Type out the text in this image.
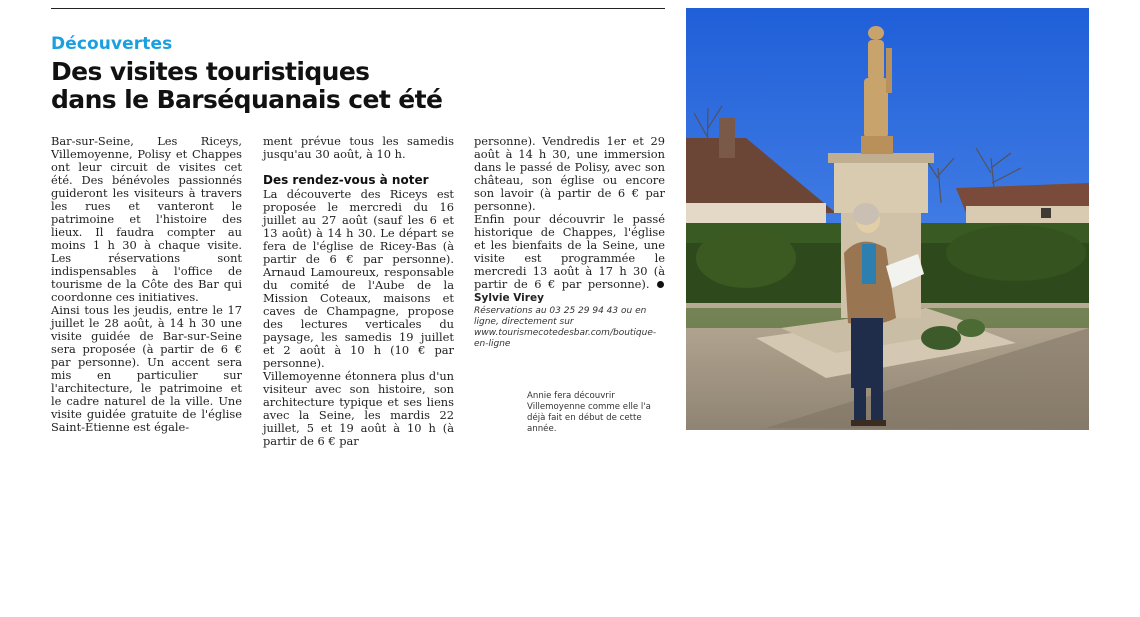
Découvertes
Des visites touristiques
dans le Barséquanais cet été

Bar-sur-Seine, Les Riceys, Villemoyenne, Polisy et Chappes ont leur circuit de visites cet été. Des bénévoles passionnés guideront les visiteurs à travers les rues et vanteront le patrimoine et l'histoire des lieux. Il faudra compter au moins 1 h 30 à chaque visite. Les réservations sont indispensables à l'office de tourisme de la Côte des Bar qui coordonne ces initiatives.

Ainsi tous les jeudis, entre le 17 juillet le 28 août, à 14 h 30 une visite guidée de Bar-sur-Seine sera proposée (à partir de 6 € par personne). Un accent sera mis en particulier sur l'architecture, le patrimoine et le cadre naturel de la ville. Une visite guidée gratuite de l'église Saint-Étienne est égale-

ment prévue tous les samedis jusqu'au 30 août, à 10 h.

Des rendez-vous à noter

La découverte des Riceys est proposée le mercredi du 16 juillet au 27 août (sauf les 6 et 13 août) à 14 h 30. Le départ se fera de l'église de Ricey-Bas (à partir de 6 € par personne). Arnaud Lamoureux, responsable du comité de l'Aube de la Mission Coteaux, maisons et caves de Champagne, propose des lectures verticales du paysage, les samedis 19 juillet et 2 août à 10 h (10 € par personne).

Villemoyenne étonnera plus d'un visiteur avec son histoire, son architecture typique et ses liens avec la Seine, les mardis 22 juillet, 5 et 19 août à 10 h (à partir de 6 € par

personne). Vendredis 1er et 29 août à 14 h 30, une immersion dans le passé de Polisy, avec son château, son église ou encore son lavoir (à partir de 6 € par personne).

Enfin pour découvrir le passé historique de Chappes, l'église et les bienfaits de la Seine, une visite est programmée le mercredi 13 août à 17 h 30 (à partir de 6 € par personne). Sylvie Virey

Réservations au 03 25 29 94 43 ou en ligne, directement sur www.tourismecotedesbar.com/boutique-en-ligne
Annie fera découvrir Villemoyenne comme elle l'a déjà fait en début de cette année.
